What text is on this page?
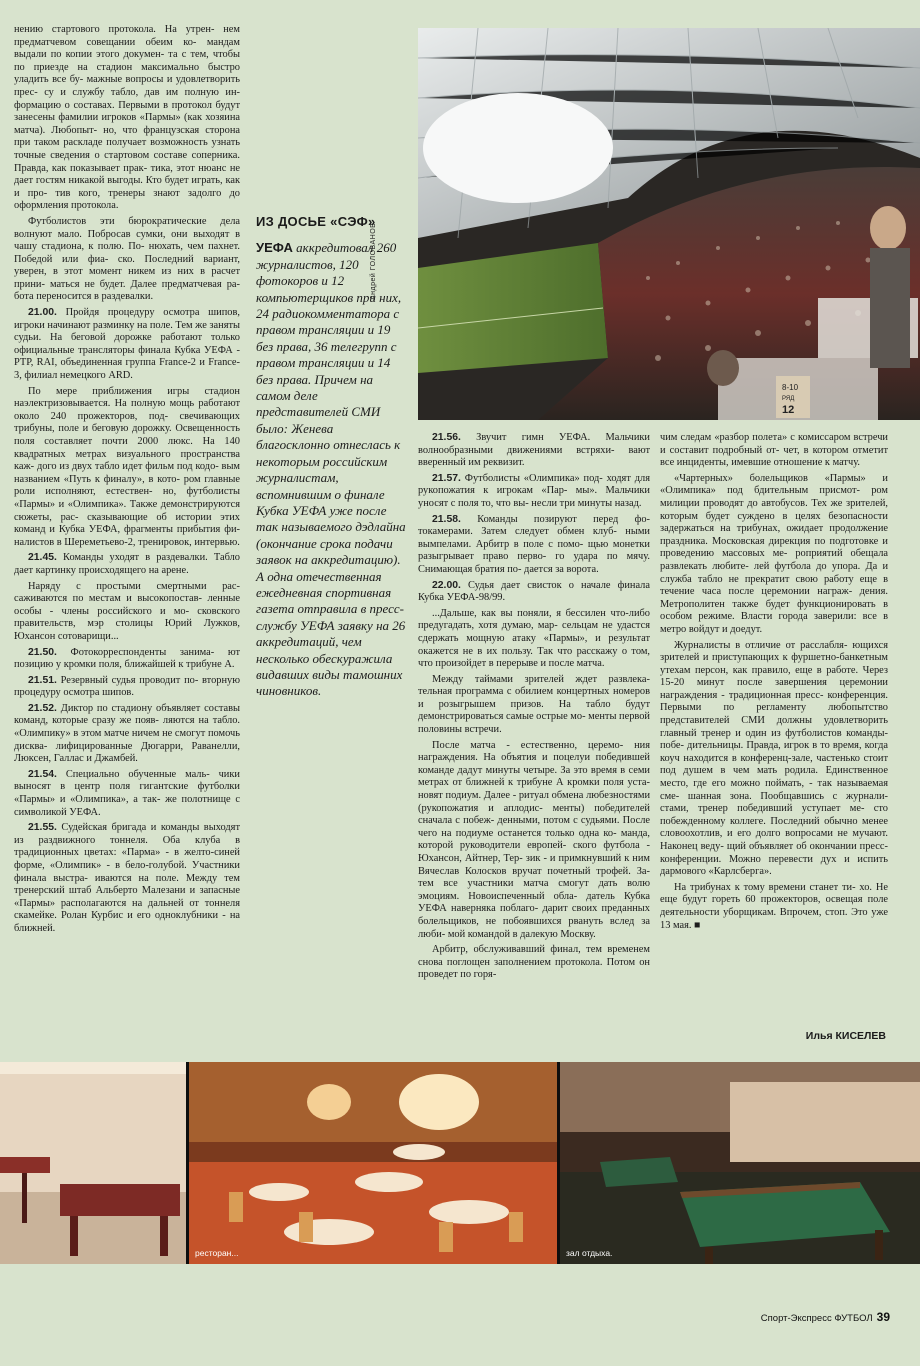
нению стартового протокола. На утрен- нем предматчевом совещании обеим ко- мандам выдали по копии этого докумен- та с тем, чтобы по приезде на стадион максимально быстро уладить все бу- мажные вопросы и удовлетворить прес- су и службу табло, дав им полную ин- формацию о составах. Первыми в протокол будут занесены фамилии игроков «Пармы» (как хозяина матча). Любопыт- но, что французская сторона при таком раскладе получает возможность узнать точные сведения о стартовом составе соперника. Правда, как показывает прак- тика, этот нюанс не дает гостям никакой выгоды. Кто будет играть, как и про- тив кого, тренеры знают задолго до оформления протокола.

Футболистов эти бюрократические дела волнуют мало. Побросав сумки, они выходят в чашу стадиона, к полю. По- нюхать, чем пахнет. Победой или фиа- ско. Последний вариант, уверен, в этот момент никем из них в расчет прини- маться не будет. Далее предматчевая ра- бота переносится в раздевалки.

21.00. Пройдя процедуру осмотра шипов, игроки начинают разминку на поле. Тем же заняты судьи. На беговой дорожке работают только официальные трансляторы финала Кубка УЕФА - РТР, RAI, объединенная группа France-2 и France-3, филиал немецкого ARD.

По мере приближения игры стадион наэлектризовывается. На полную мощь работают около 240 прожекторов, под- свечивающих трибуны, поле и беговую дорожку. Освещенность поля составляет почти 2000 люкс. На 140 квадратных метрах визуального пространства каж- дого из двух табло идет фильм под кодо- вым названием «Путь к финалу», в кото- ром главные роли исполняют, естествен- но, футболисты «Пармы» и «Олимпика». Также демонстрируются сюжеты, рас- сказывающие об истории этих команд и Кубка УЕФА, фрагменты прибытия фи- налистов в Шереметьево-2, тренировок, интервью.

21.45. Команды уходят в раздевалки. Табло дает картинку происходящего на арене.

Наряду с простыми смертными рас- саживаются по местам и высокопостав- ленные особы - члены российского и мо- сковского правительств, мэр столицы Юрий Лужков, Юхансон сотоварищи...

21.50. Фотокорреспонденты занима- ют позицию у кромки поля, ближайшей к трибуне А.

21.51. Резервный судья проводит по- вторную процедуру осмотра шипов.

21.52. Диктор по стадиону объявляет составы команд, которые сразу же появ- ляются на табло. «Олимпику» в этом матче ничем не смогут помочь дисква- лифицированные Дюгарри, Раванелли, Люксен, Галлас и Джамбей.

21.54. Специально обученные маль- чики выносят в центр поля гигантские футболки «Пармы» и «Олимпика», а так- же полотнище с символикой УЕФА.

21.55. Судейская бригада и команды выходят из раздвижного тоннеля. Оба клуба в традиционных цветах: «Парма» - в желто-синей форме, «Олимпик» - в бело-голубой. Участники финала выстра- иваются на поле. Между тем тренерский штаб Альберто Малезани и запасные «Пармы» располагаются на дальней от тоннеля скамейке. Ролан Курбис и его одноклубники - на ближней.

ИЗ ДОСЬЕ «СЭФ»
УЕФА аккредитовал 260 журналистов, 120 фотокоров и 12 компьютерщиков при них, 24 радиокомментатора с правом трансляции и 19 без права, 36 телегрупп с правом трансляции и 14 без права. Причем на самом деле представителей СМИ было: Женева благосклонно отнеслась к некоторым российским журналистам, вспомнившим о финале Кубка УЕФА уже после так называемого дэдлайна (окончание срока подачи заявок на аккредитацию). А одна отечественная ежедневная спортивная газета отправила в пресс-службу УЕФА заявку на 26 аккредитаций, чем несколько обескуражила видавших виды тамошних чиновников.
8-10
РЯД
12
Андрей ГОЛОВАНОВ

21.56. Звучит гимн УЕФА. Мальчики волнообразными движениями встряхи- вают вверенный им реквизит.

21.57. Футболисты «Олимпика» под- ходят для рукопожатия к игрокам «Пар- мы». Мальчики уносят с поля то, что вы- несли три минуты назад.

21.58. Команды позируют перед фо- токамерами. Затем следует обмен клуб- ными вымпелами. Арбитр в поле с помо- щью монетки разыгрывает право перво- го удара по мячу. Снимающая братия по- дается за ворота.

22.00. Судья дает свисток о начале финала Кубка УЕФА-98/99.

...Дальше, как вы поняли, я бессилен что-либо предугадать, хотя думаю, мар- сельцам не удастся сдержать мощную атаку «Пармы», и результат окажется не в их пользу. Так что расскажу о том, что произойдет в перерыве и после матча.

Между таймами зрителей ждет развлека- тельная программа с обилием концертных номеров и розыгрышем призов. На табло будут демонстрироваться самые острые мо- менты первой половины встречи.

После матча - естественно, церемо- ния награждения. На объятия и поцелуи победившей команде дадут минуты четыре. За это время в семи метрах от ближней к трибуне А кромки поля уста- новят подиум. Далее - ритуал обмена любезностями (рукопожатия и аплодис- менты) победителей сначала с побеж- денными, потом с судьями. После чего на подиуме останется только одна ко- манда, которой руководители европей- ского футбола - Юхансон, Айтнер, Тер- зик - и примкнувший к ним Вячеслав Колосков вручат почетный трофей. За- тем все участники матча смогут дать волю эмоциям. Новоиспеченный обла- датель Кубка УЕФА наверняка поблаго- дарит своих преданных болельщиков, не побоявшихся рвануть вслед за люби- мой командой в далекую Москву.

Арбитр, обслуживавший финал, тем временем снова поглощен заполнением протокола. Потом он проведет по горя-

чим следам «разбор полета» с комиссаром встречи и составит подробный от- чет, в котором отметит все инциденты, имевшие отношение к матчу.

«Чартерных» болельщиков «Пармы» и «Олимпика» под бдительным присмот- ром милиции проводят до автобусов. Тех же зрителей, которым будет суждено в целях безопасности задержаться на трибунах, ожидает продолжение праздника. Московская дирекция по подготовке и проведению массовых ме- роприятий обещала развлекать любите- лей футбола до упора. Да и служба табло не прекратит свою работу еще в течение часа после церемонии награж- дения. Метрополитен также будет функционировать в особом режиме. Власти города заверили: все в метро войдут и доедут.

Журналисты в отличие от расслабля- ющихся зрителей и приступающих к фуршетно-банкетным утехам персон, как правило, еще в работе. Через 15-20 минут после завершения церемонии награждения - традиционная пресс- конференция. Первыми по регламенту любопытство представителей СМИ должны удовлетворить главный тренер и один из футболистов команды-побе- дительницы. Правда, игрок в то время, когда коуч находится в конференц-зале, частенько стоит под душем в чем мать родила. Единственное место, где его можно поймать, - так называемая сме- шанная зона. Пообщавшись с журнали- стами, тренер победивший уступает ме- сто побежденному коллеге. Последний обычно менее словоохотлив, и его долго вопросами не мучают. Наконец веду- щий объявляет об окончании пресс- конференции. Можно перевести дух и испить дармового «Карлсберга».

На трибунах к тому времени станет ти- хо. Не еще будут гореть 60 прожекторов, освещая поле деятельности уборщикам. Впрочем, стоп. Это уже 13 мая. ■

Илья КИСЕЛЕВ
ресторан...	зал отдыха.
Спорт-Экспресс ФУТБОЛ 39
